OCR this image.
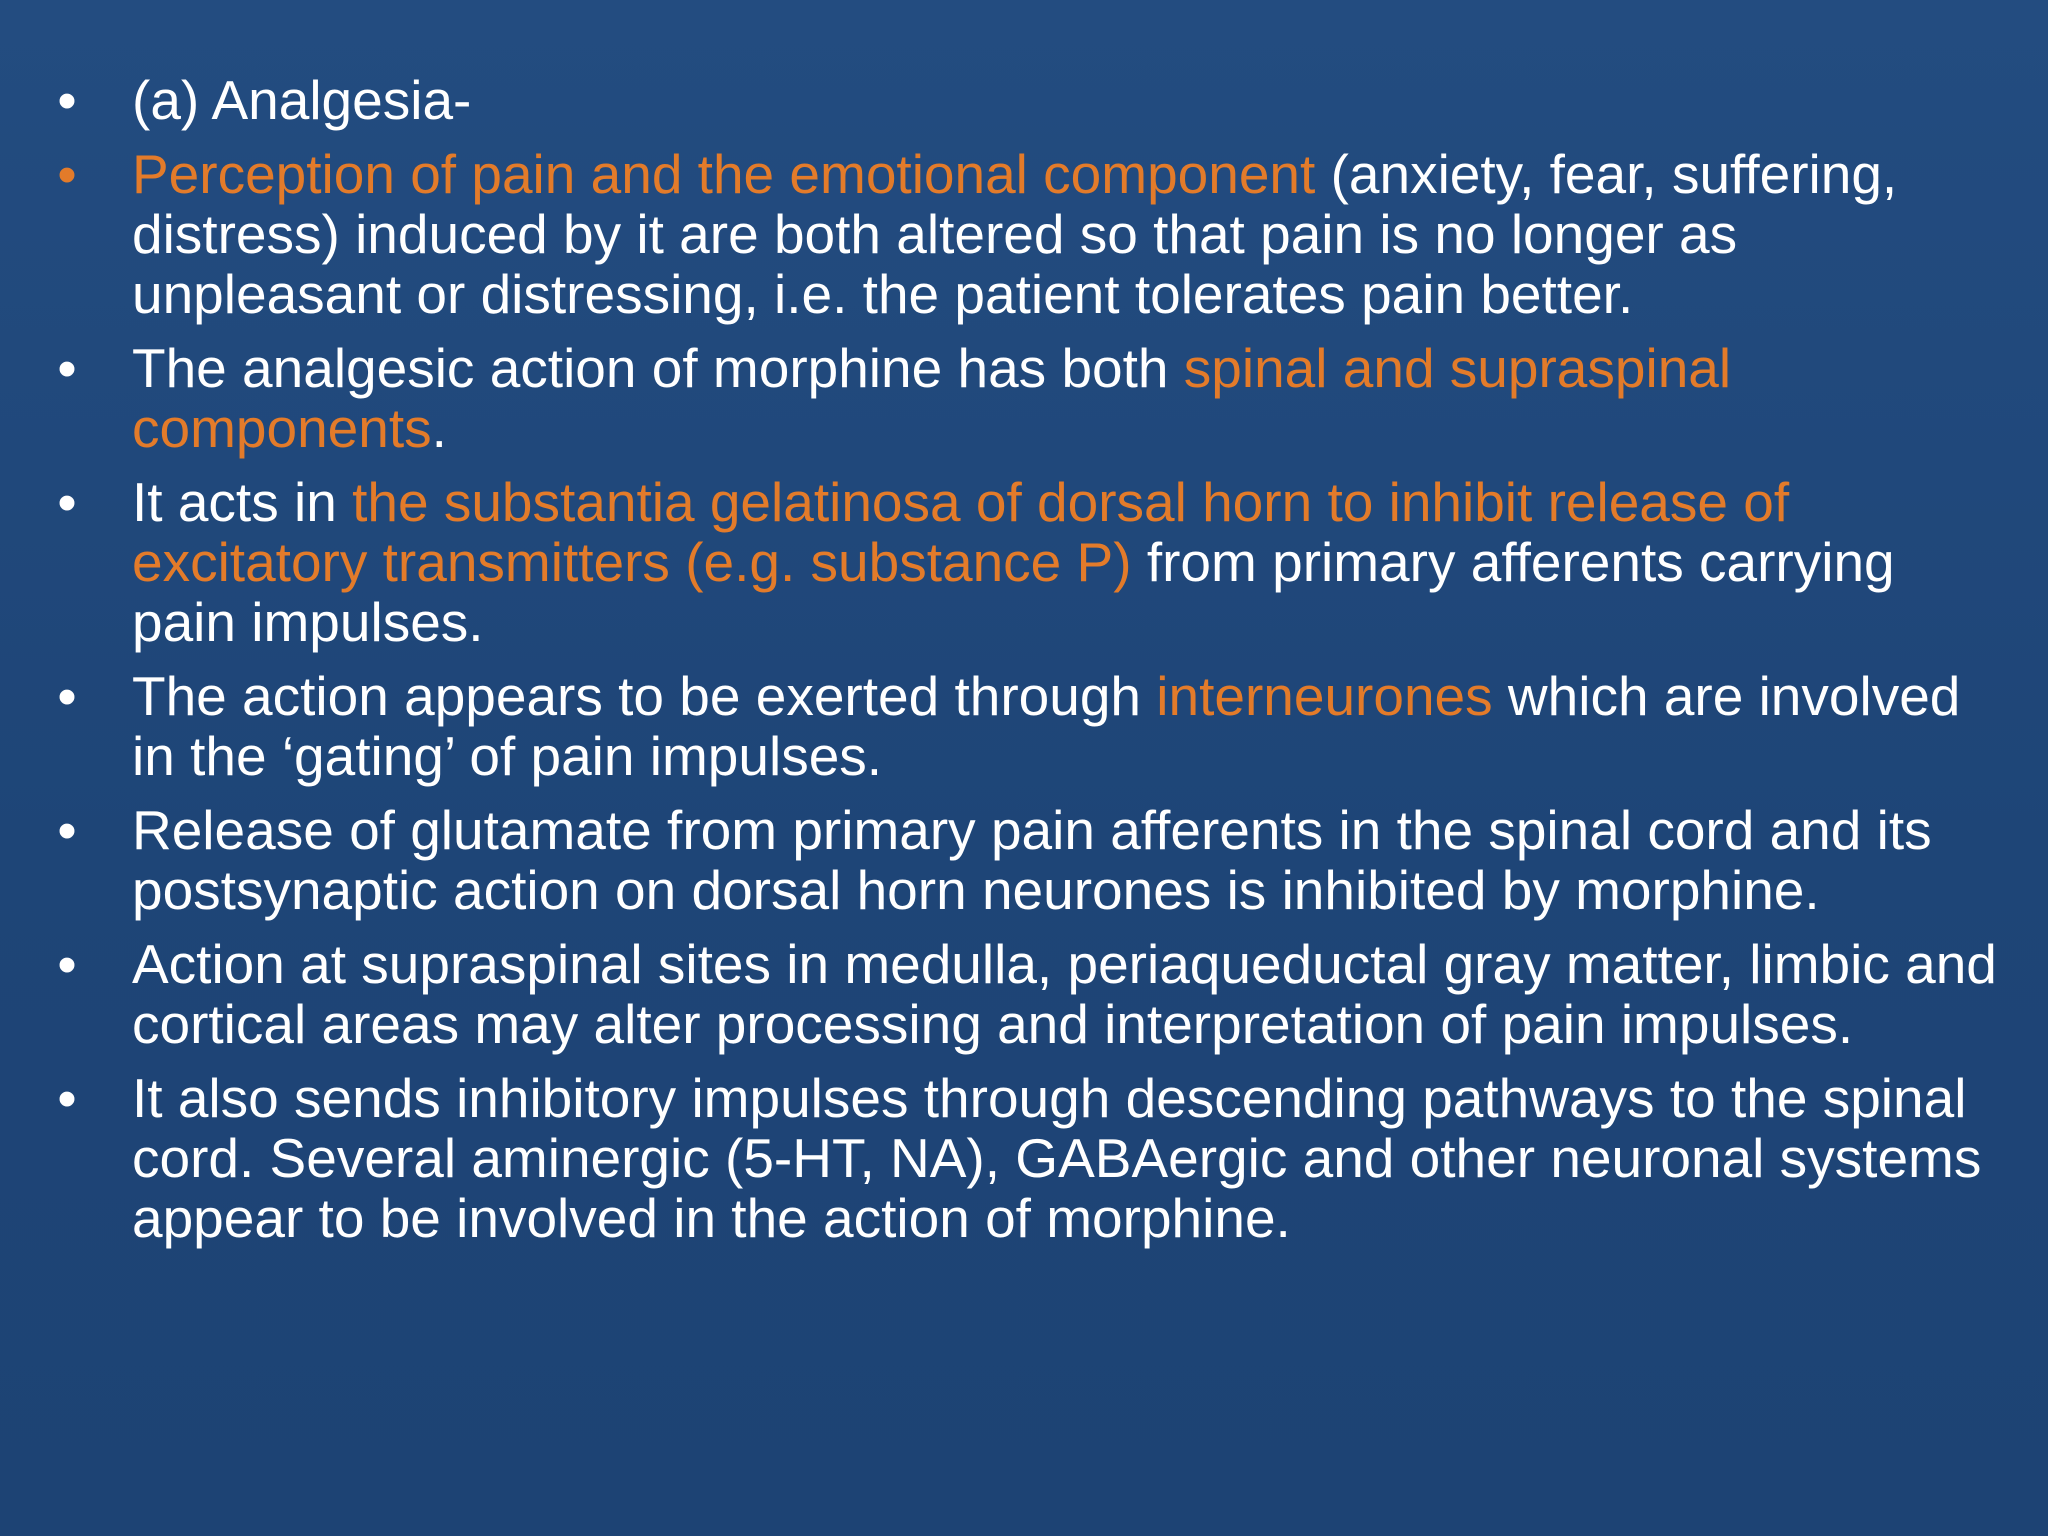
• (a) Analgesia-
• Perception of pain and the emotional component (anxiety, fear, suffering, distress) induced by it are both altered so that pain is no longer as unpleasant or distressing, i.e. the patient tolerates pain better.
• The analgesic action of morphine has both spinal and supraspinal components.
• It acts in the substantia gelatinosa of dorsal horn to inhibit release of excitatory transmitters (e.g. substance P) from primary afferents carrying pain impulses.
• The action appears to be exerted through interneurones which are involved in the ‘gating’ of pain impulses.
• Release of glutamate from primary pain afferents in the spinal cord and its postsynaptic action on dorsal horn neurones is inhibited by morphine.
• Action at supraspinal sites in medulla, periaqueductal gray matter, limbic and cortical areas may alter processing and interpretation of pain impulses.
• It also sends inhibitory impulses through descending pathways to the spinal cord. Several aminergic (5-HT, NA), GABAergic and other neuronal systems appear to be involved in the action of morphine.
